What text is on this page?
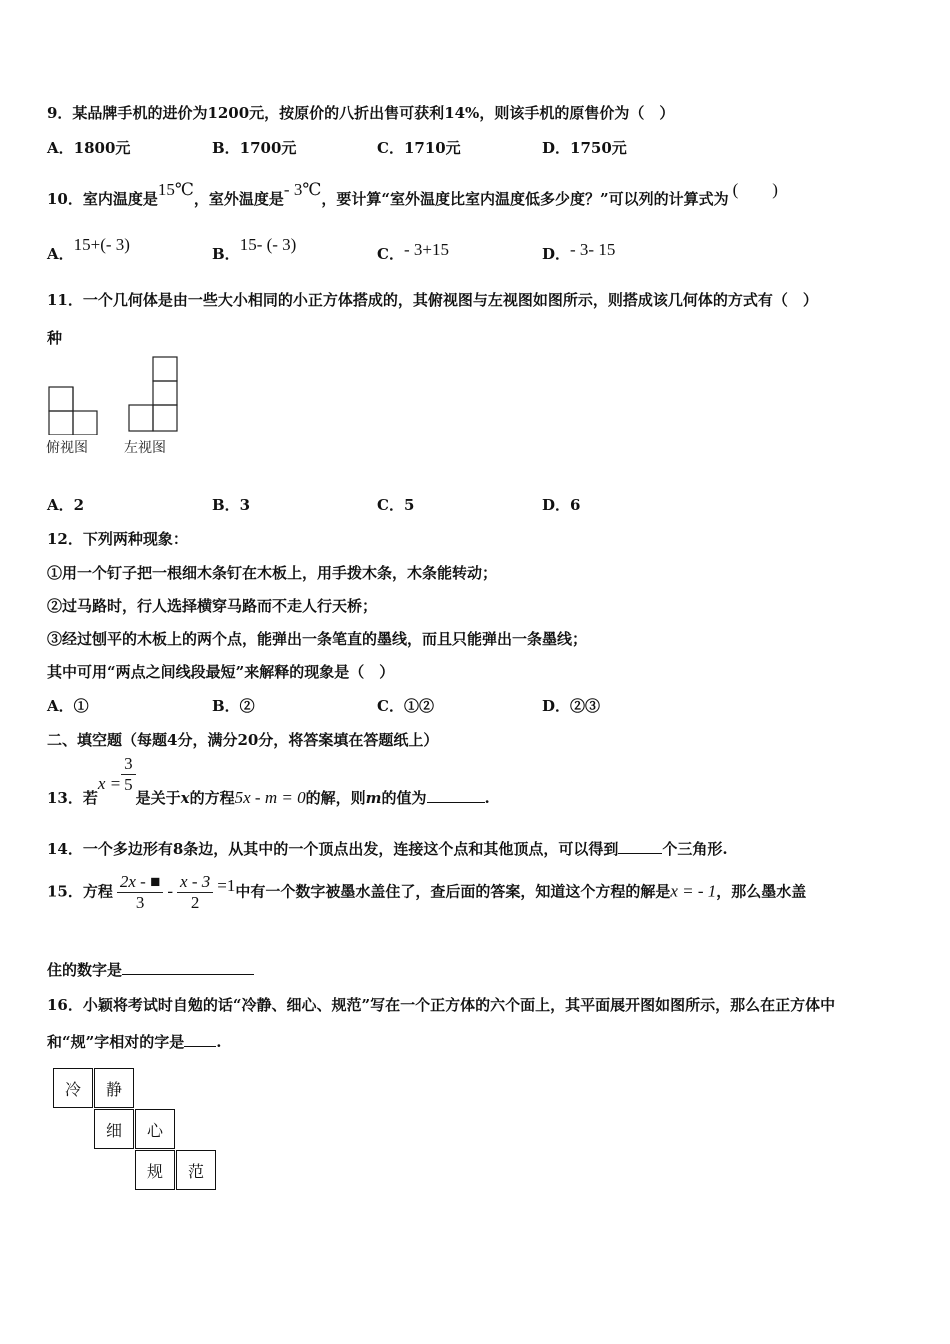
9．某品牌手机的进价为1200元，按原价的八折出售可获利14%，则该手机的原售价为（　）
A．1800元	B．1700元	C．1710元	D．1750元
10．室内温度是15℃，室外温度是- 3℃，要计算“室外温度比室内温度低多少度？”可以列的计算式为 (　　)
A．15+(- 3)	B．15- (- 3)	C．- 3+15	D．- 3- 15
11．一个几何体是由一些大小相同的小正方体搭成的，其俯视图与左视图如图所示，则搭成该几何体的方式有（　）
种
俯视图	左视图
A．2	B．3	C．5	D．6
12．下列两种现象：
①用一个钉子把一根细木条钉在木板上，用手拨木条，木条能转动；
②过马路时，行人选择横穿马路而不走人行天桥；
③经过刨平的木板上的两个点，能弹出一条笔直的墨线，而且只能弹出一条墨线；
其中可用“两点之间线段最短”来解释的现象是（　）
A．①	B．②	C．①②	D．②③
二、填空题（每题4分，满分20分，将答案填在答题纸上）
13．若$x = \frac{3}{5}$
是关于x的方程5x - m = 0的解，则m的值为	.
14．一个多边形有8条边，从其中的一个顶点出发，连接这个点和其他顶点，可以得到	个三角形.
15．方程 $\frac{2x - ■}{3} - \frac{x - 3}{2} =1$中有一个数字被墨水盖住了，查后面的答案，知道这个方程的解是x = - 1，那么墨水盖
住的数字是
16．小颖将考试时自勉的话“冷静、细心、规范”写在一个正方体的六个面上，其平面展开图如图所示，那么在正方体中
和“规”字相对的字是 .
冷	静
细	心
规	范
